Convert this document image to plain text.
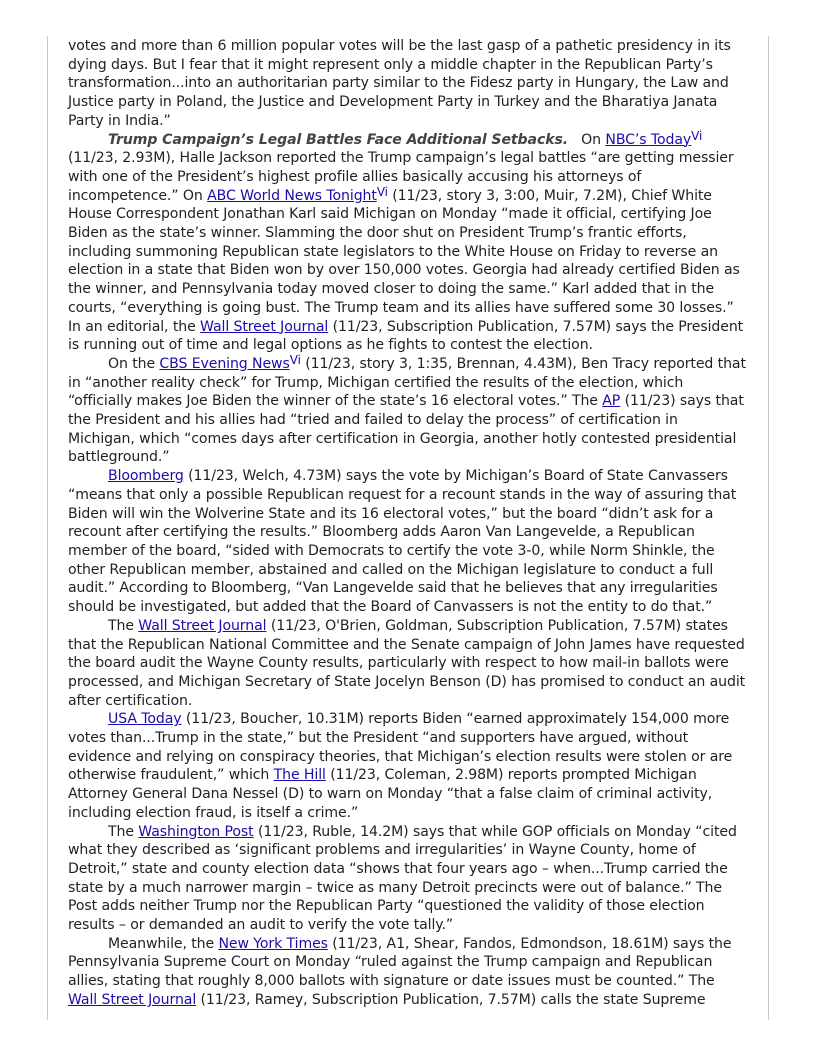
votes and more than 6 million popular votes will be the last gasp of a pathetic presidency in its dying days. But I fear that it might represent only a middle chapter in the Republican Party’s transformation...into an authoritarian party similar to the Fidesz party in Hungary, the Law and Justice party in Poland, the Justice and Development Party in Turkey and the Bharatiya Janata Party in India.”

Trump Campaign’s Legal Battles Face Additional Setbacks. On NBC’s Today$^{Vi}$ (11/23, 2.93M), Halle Jackson reported the Trump campaign’s legal battles “are getting messier with one of the President’s highest profile allies basically accusing his attorneys of incompetence.” On ABC World News Tonight$^{Vi}$ (11/23, story 3, 3:00, Muir, 7.2M), Chief White House Correspondent Jonathan Karl said Michigan on Monday “made it official, certifying Joe Biden as the state’s winner. Slamming the door shut on President Trump’s frantic efforts, including summoning Republican state legislators to the White House on Friday to reverse an election in a state that Biden won by over 150,000 votes. Georgia had already certified Biden as the winner, and Pennsylvania today moved closer to doing the same.” Karl added that in the courts, “everything is going bust. The Trump team and its allies have suffered some 30 losses.” In an editorial, the Wall Street Journal (11/23, Subscription Publication, 7.57M) says the President is running out of time and legal options as he fights to contest the election.

On the CBS Evening News$^{Vi}$ (11/23, story 3, 1:35, Brennan, 4.43M), Ben Tracy reported that in “another reality check” for Trump, Michigan certified the results of the election, which “officially makes Joe Biden the winner of the state’s 16 electoral votes.” The AP (11/23) says that the President and his allies had “tried and failed to delay the process” of certification in Michigan, which “comes days after certification in Georgia, another hotly contested presidential battleground.”

Bloomberg (11/23, Welch, 4.73M) says the vote by Michigan’s Board of State Canvassers “means that only a possible Republican request for a recount stands in the way of assuring that Biden will win the Wolverine State and its 16 electoral votes,” but the board “didn’t ask for a recount after certifying the results.” Bloomberg adds Aaron Van Langevelde, a Republican member of the board, “sided with Democrats to certify the vote 3-0, while Norm Shinkle, the other Republican member, abstained and called on the Michigan legislature to conduct a full audit.” According to Bloomberg, “Van Langevelde said that he believes that any irregularities should be investigated, but added that the Board of Canvassers is not the entity to do that.”

The Wall Street Journal (11/23, O'Brien, Goldman, Subscription Publication, 7.57M) states that the Republican National Committee and the Senate campaign of John James have requested the board audit the Wayne County results, particularly with respect to how mail-in ballots were processed, and Michigan Secretary of State Jocelyn Benson (D) has promised to conduct an audit after certification.

USA Today (11/23, Boucher, 10.31M) reports Biden “earned approximately 154,000 more votes than...Trump in the state,” but the President “and supporters have argued, without evidence and relying on conspiracy theories, that Michigan’s election results were stolen or are otherwise fraudulent,” which The Hill (11/23, Coleman, 2.98M) reports prompted Michigan Attorney General Dana Nessel (D) to warn on Monday “that a false claim of criminal activity, including election fraud, is itself a crime.”

The Washington Post (11/23, Ruble, 14.2M) says that while GOP officials on Monday “cited what they described as ‘significant problems and irregularities’ in Wayne County, home of Detroit,” state and county election data “shows that four years ago – when...Trump carried the state by a much narrower margin – twice as many Detroit precincts were out of balance.” The Post adds neither Trump nor the Republican Party “questioned the validity of those election results – or demanded an audit to verify the vote tally.”

Meanwhile, the New York Times (11/23, A1, Shear, Fandos, Edmondson, 18.61M) says the Pennsylvania Supreme Court on Monday “ruled against the Trump campaign and Republican allies, stating that roughly 8,000 ballots with signature or date issues must be counted.” The Wall Street Journal (11/23, Ramey, Subscription Publication, 7.57M) calls the state Supreme
